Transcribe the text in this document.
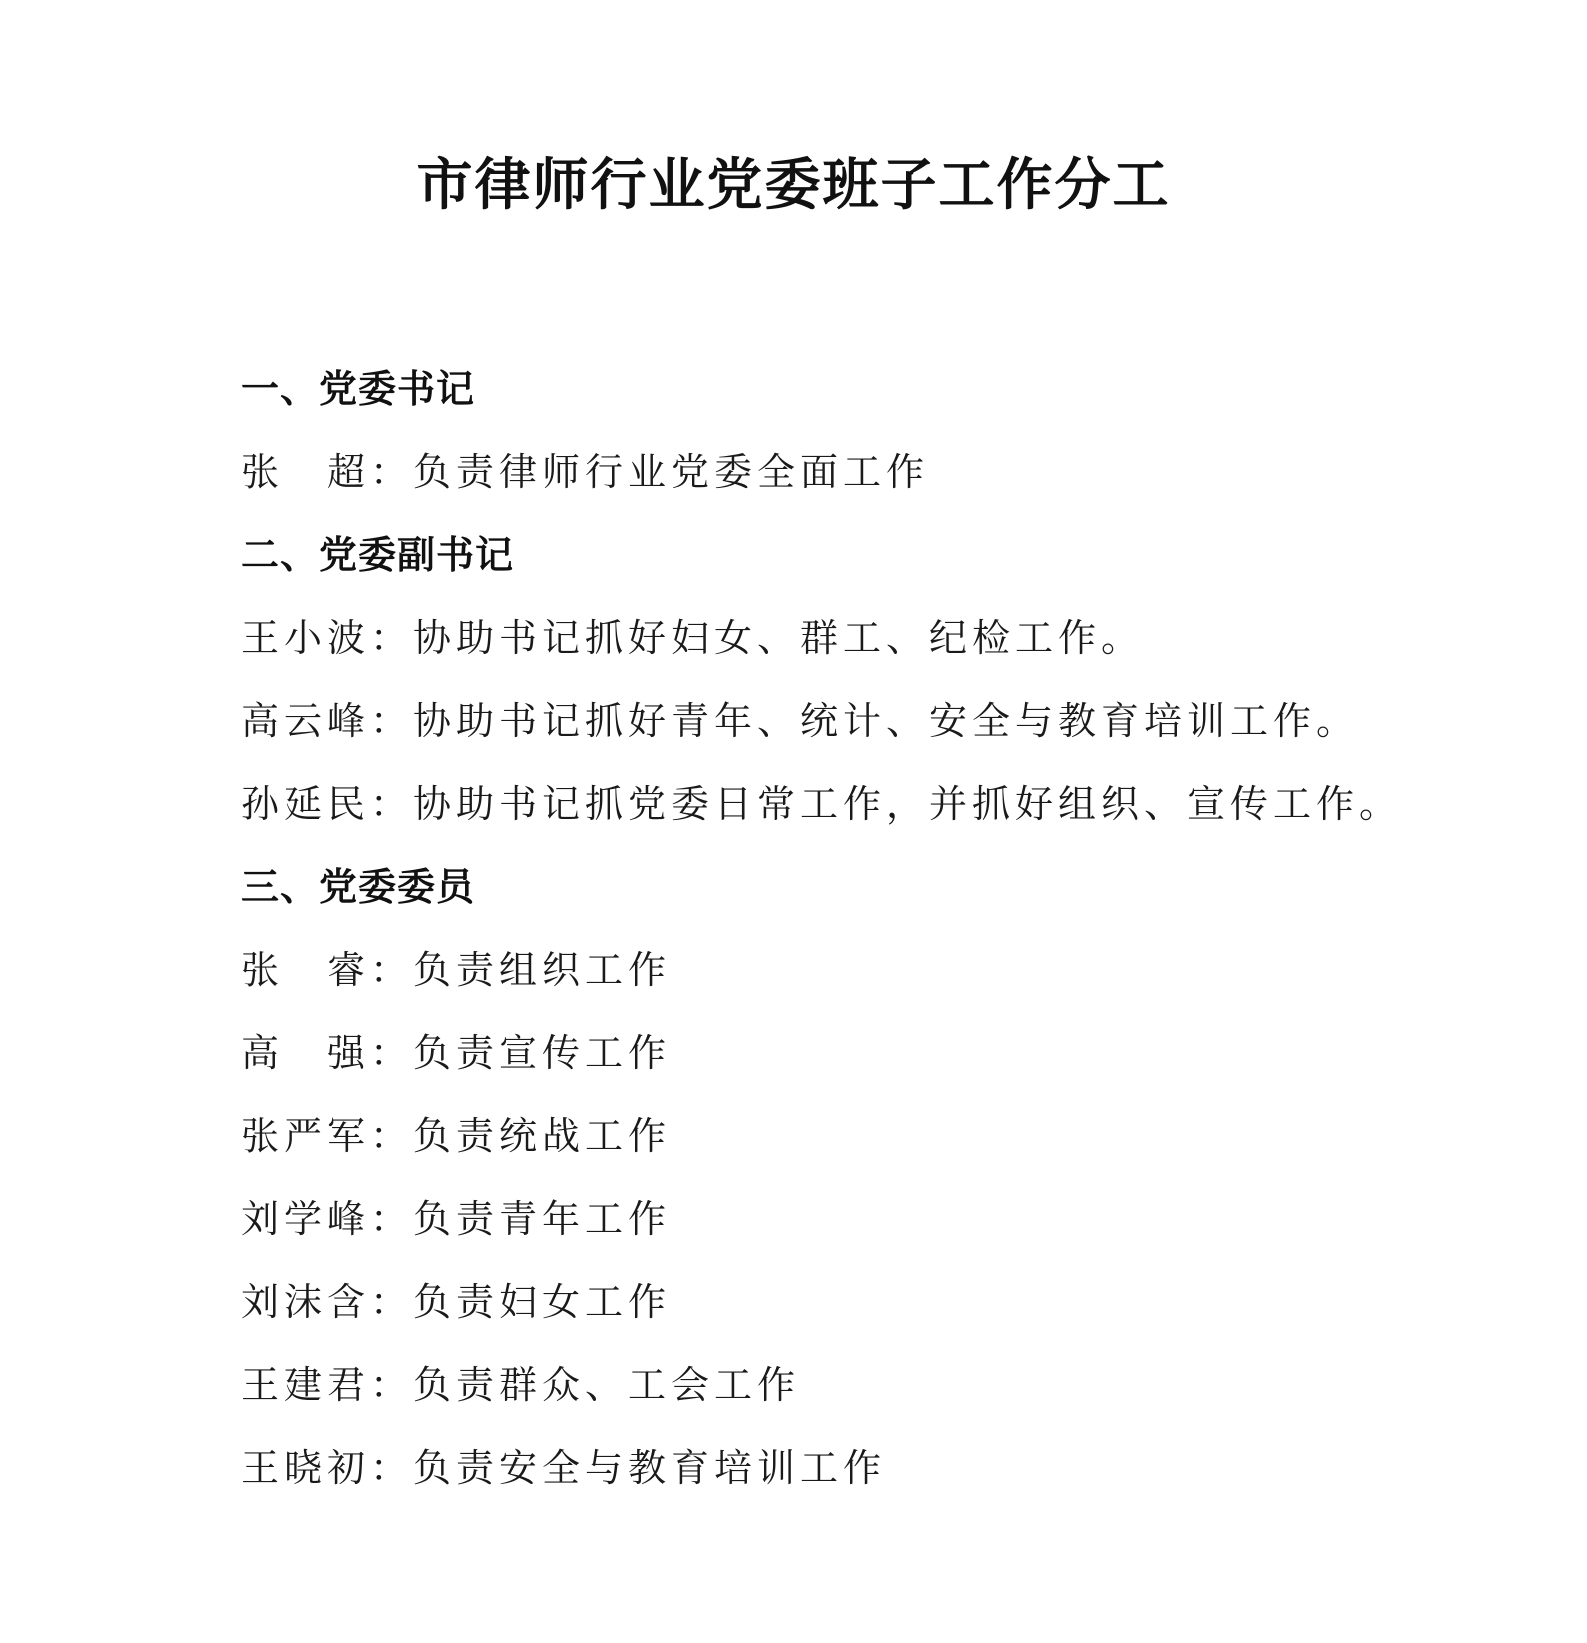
市律师行业党委班子工作分工
一、党委书记
张　超：负责律师行业党委全面工作
二、党委副书记
王小波：协助书记抓好妇女、群工、纪检工作。
高云峰：协助书记抓好青年、统计、安全与教育培训工作。
孙延民：协助书记抓党委日常工作，并抓好组织、宣传工作。
三、党委委员
张　睿：负责组织工作
高　强：负责宣传工作
张严军：负责统战工作
刘学峰：负责青年工作
刘沫含：负责妇女工作
王建君：负责群众、工会工作
王晓初：负责安全与教育培训工作
